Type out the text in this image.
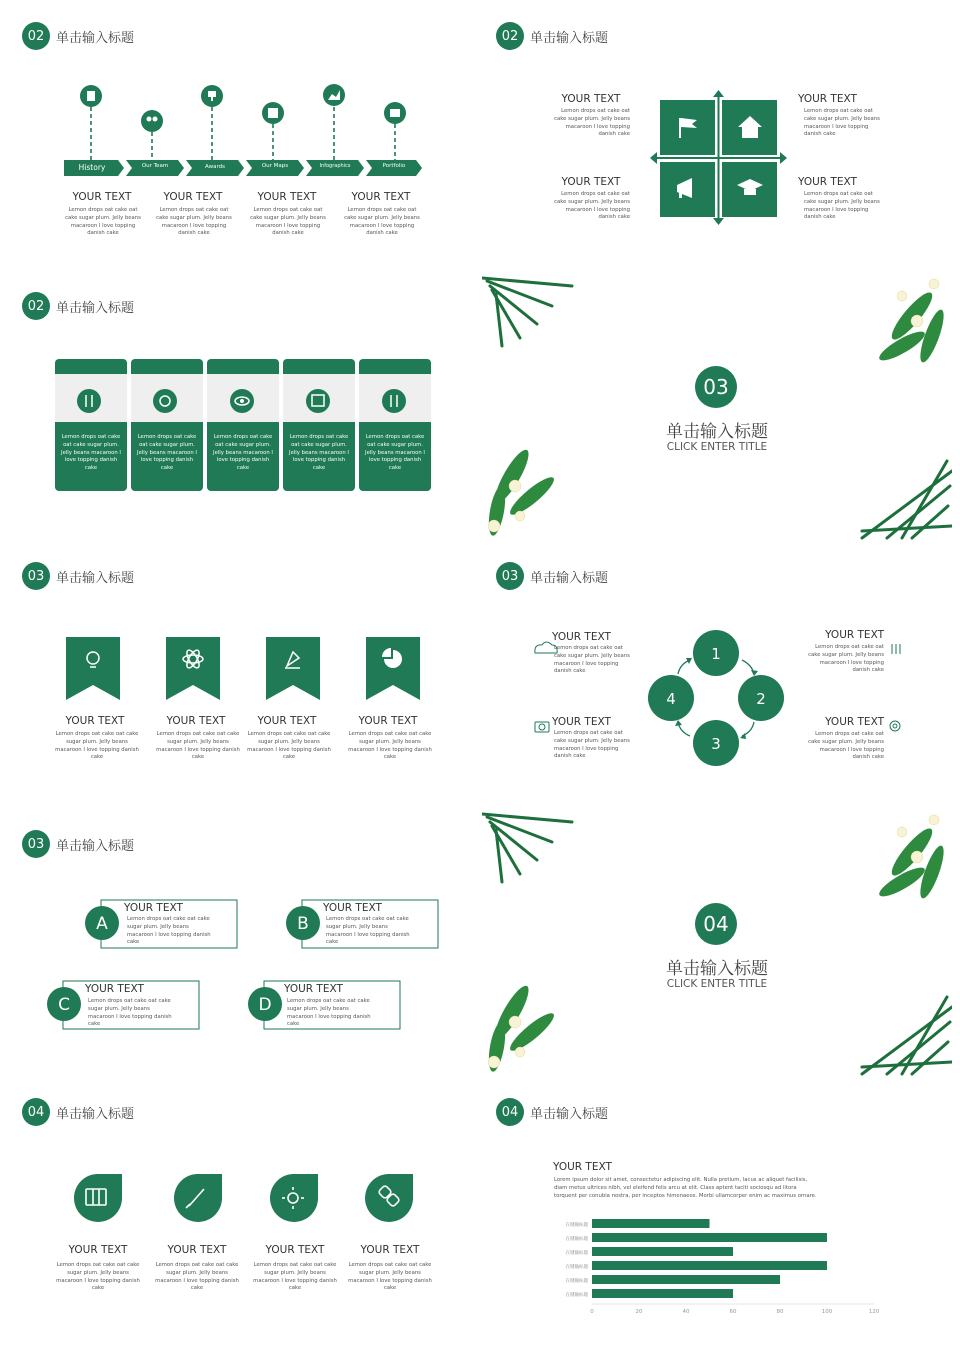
02 单击输入标题
History	Our Team	Awards	Our Maps	Infographics	Portfolio
YOUR TEXT
Lemon drops oat cake oat cake sugar plum. Jelly beans macaroon I love topping danish cake
YOUR TEXT
Lemon drops oat cake oat cake sugar plum. Jelly beans macaroon I love topping danish cake
YOUR TEXT
Lemon drops oat cake oat cake sugar plum. Jelly beans macaroon I love topping danish cake
YOUR TEXT
Lemon drops oat cake oat cake sugar plum. Jelly beans macaroon I love topping danish cake
02 单击输入标题
YOUR TEXT
Lemon drops oat cake oat cake sugar plum. Jelly beans macaroon I love topping danish cake
YOUR TEXT
Lemon drops oat cake oat cake sugar plum. Jelly beans macaroon I love topping danish cake
YOUR TEXT
Lemon drops oat cake oat cake sugar plum. Jelly beans macaroon I love topping danish cake
YOUR TEXT
Lemon drops oat cake oat cake sugar plum. Jelly beans macaroon I love topping danish cake
02 单击输入标题
Lemon drops oat cake oat cake sugar plum. Jelly beans macaroon I love topping danish cake
Lemon drops oat cake oat cake sugar plum. Jelly beans macaroon I love topping danish cake
Lemon drops oat cake oat cake sugar plum. Jelly beans macaroon I love topping danish cake
Lemon drops oat cake oat cake sugar plum. Jelly beans macaroon I love topping danish cake
Lemon drops oat cake oat cake sugar plum. Jelly beans macaroon I love topping danish cake
03
单击输入标题
CLICK ENTER TITLE
03 单击输入标题
YOUR TEXT
Lemon drops oat cake oat cake sugar plum. Jelly beans macaroon I love topping danish cake
YOUR TEXT
Lemon drops oat cake oat cake sugar plum. Jelly beans macaroon I love topping danish cake
YOUR TEXT
Lemon drops oat cake oat cake sugar plum. Jelly beans macaroon I love topping danish cake
YOUR TEXT
Lemon drops oat cake oat cake sugar plum. Jelly beans macaroon I love topping danish cake
03 单击输入标题
1
2
3
4
YOUR TEXT
Lemon drops oat cake oat cake sugar plum. Jelly beans macaroon I love topping danish cake
YOUR TEXT
Lemon drops oat cake oat cake sugar plum. Jelly beans macaroon I love topping danish cake
YOUR TEXT
Lemon drops oat cake oat cake sugar plum. Jelly beans macaroon I love topping danish cake
YOUR TEXT
Lemon drops oat cake oat cake sugar plum. Jelly beans macaroon I love topping danish cake
03 单击输入标题
A	B
C	D
YOUR TEXT
Lemon drops oat cake oat cake sugar plum. Jelly beans macaroon I love topping danish cake
YOUR TEXT
Lemon drops oat cake oat cake sugar plum. Jelly beans macaroon I love topping danish cake
YOUR TEXT
Lemon drops oat cake oat cake sugar plum. Jelly beans macaroon I love topping danish cake
YOUR TEXT
Lemon drops oat cake oat cake sugar plum. Jelly beans macaroon I love topping danish cake
04
单击输入标题
CLICK ENTER TITLE
04 单击输入标题
YOUR TEXT
Lemon drops oat cake oat cake sugar plum. Jelly beans macaroon I love topping danish cake
YOUR TEXT
Lemon drops oat cake oat cake sugar plum. Jelly beans macaroon I love topping danish cake
YOUR TEXT
Lemon drops oat cake oat cake sugar plum. Jelly beans macaroon I love topping danish cake
YOUR TEXT
Lemon drops oat cake oat cake sugar plum. Jelly beans macaroon I love topping danish cake
04 单击输入标题
YOUR TEXT
Lorem ipsum dolor sit amet, consectetur adipiscing elit. Nulla pretium, lacus ac aliquet facilisis, diam metus ultrices nibh, vel eleifend felis arcu at elit. Class aptent taciti sociosqu ad litora torquent per conubia nostra, per inceptos himenaeos. Morbi ullamcorper enim ac maximus ornare.
在键输标题
在键输标题
在键输标题
在键输标题
在键输标题
在键输标题
0	20	40	60	80	100	120
